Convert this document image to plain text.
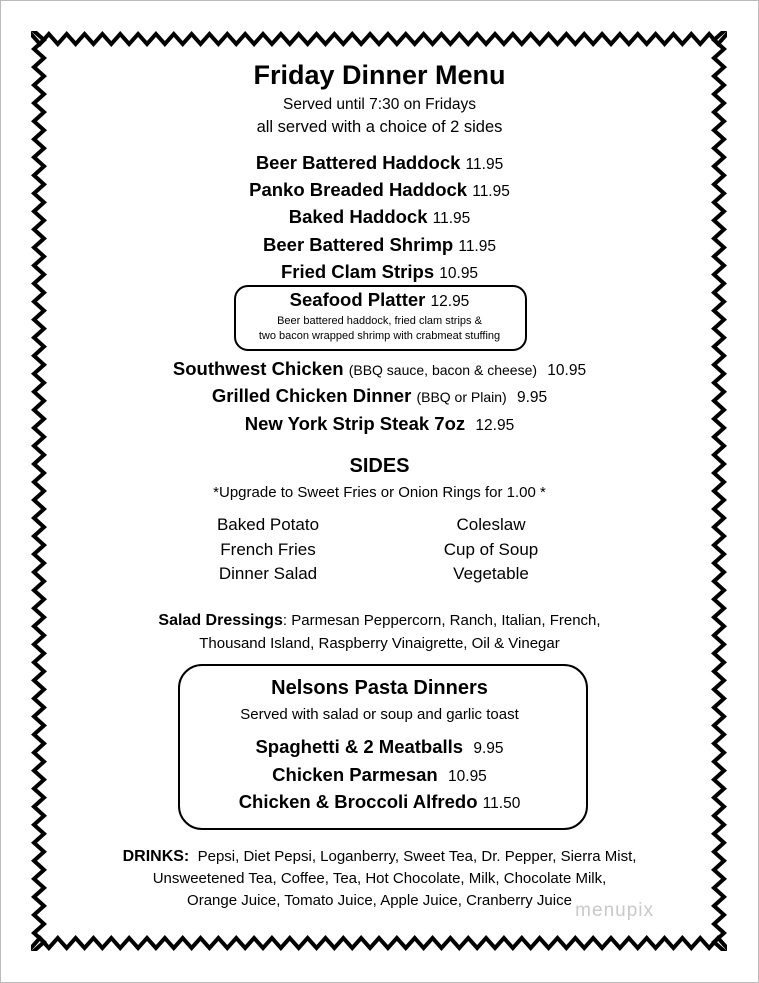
Friday Dinner Menu
Served until 7:30 on Fridays
all served with a choice of 2 sides
Beer Battered Haddock 11.95
Panko Breaded Haddock 11.95
Baked Haddock 11.95
Beer Battered Shrimp 11.95
Fried Clam Strips 10.95
Seafood Platter 12.95
Beer battered haddock, fried clam strips &
two bacon wrapped shrimp with crabmeat stuffing
Southwest Chicken (BBQ sauce, bacon & cheese) 10.95
Grilled Chicken Dinner (BBQ or Plain) 9.95
New York Strip Steak 7oz 12.95
SIDES
*Upgrade to Sweet Fries or Onion Rings for 1.00 *
Baked Potato
French Fries
Dinner Salad
Coleslaw
Cup of Soup
Vegetable
Salad Dressings: Parmesan Peppercorn, Ranch, Italian, French,
Thousand Island, Raspberry Vinaigrette, Oil & Vinegar
Nelsons Pasta Dinners
Served with salad or soup and garlic toast
Spaghetti & 2 Meatballs 9.95
Chicken Parmesan 10.95
Chicken & Broccoli Alfredo 11.50
DRINKS: Pepsi, Diet Pepsi, Loganberry, Sweet Tea, Dr. Pepper, Sierra Mist,
Unsweetened Tea, Coffee, Tea, Hot Chocolate, Milk, Chocolate Milk,
Orange Juice, Tomato Juice, Apple Juice, Cranberry Juice menupix
